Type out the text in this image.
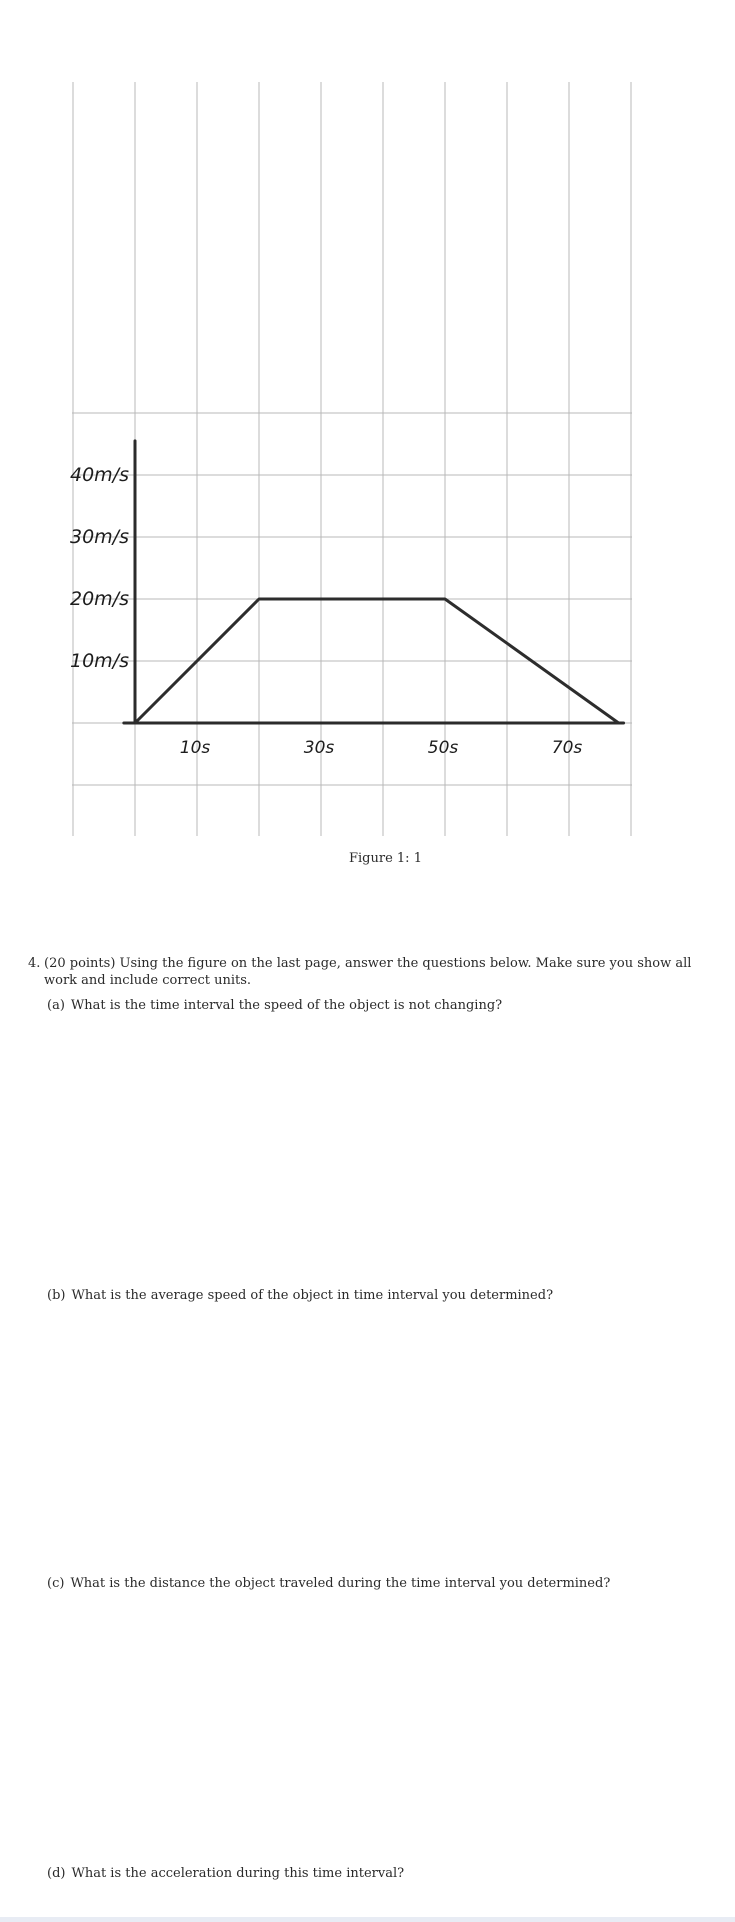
40m/s
30m/s
20m/s
10m/s
10s	30s	50s	70s
Figure 1: 1
4. (20 points) Using the figure on the last page, answer the questions below. Make sure you show all work and include correct units.
(a) What is the time interval the speed of the object is not changing?
(b) What is the average speed of the object in time interval you determined?
(c) What is the distance the object traveled during the time interval you determined?
(d) What is the acceleration during this time interval?
